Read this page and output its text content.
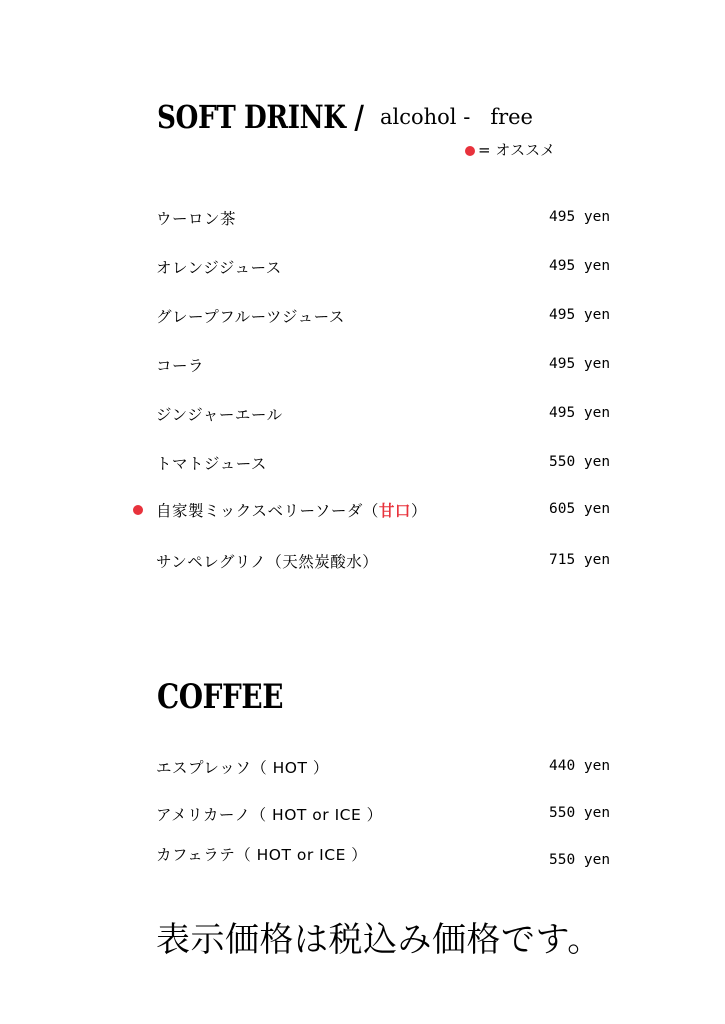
SOFT DRINK / alcohol -   free
= オススメ
ウーロン茶	495 yen
オレンジジュース	495 yen
グレープフルーツジュース	495 yen
コーラ	495 yen
ジンジャーエール	495 yen
トマトジュース	550 yen
自家製ミックスベリーソーダ（甘口）	605 yen
サンペレグリノ（天然炭酸水）	715 yen
COFFEE
エスプレッソ（ HOT ）	440 yen
アメリカーノ（ HOT or ICE ）	550 yen
カフェラテ（ HOT or ICE ）	550 yen
表示価格は税込み価格です。
